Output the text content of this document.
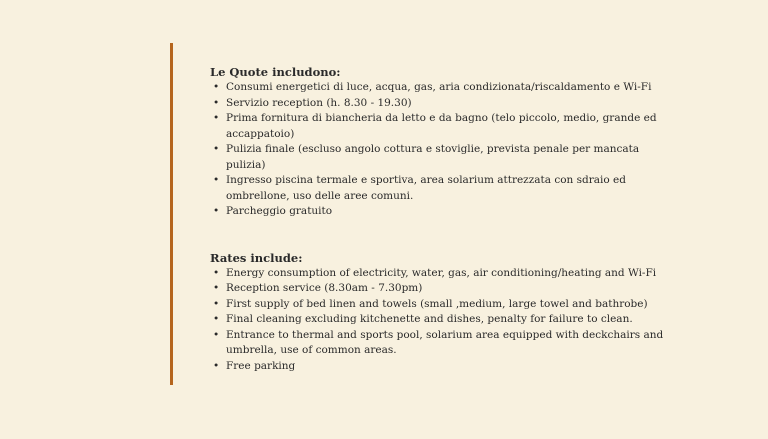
Le Quote includono:

• Consumi energetici di luce, acqua, gas, aria condizionata/riscaldamento e Wi-Fi
• Servizio reception (h. 8.30 - 19.30)
• Prima fornitura di biancheria da letto e da bagno (telo piccolo, medio, grande ed accappatoio)
• Pulizia finale (escluso angolo cottura e stoviglie, prevista penale per mancata pulizia)
• Ingresso piscina termale e sportiva, area solarium attrezzata con sdraio ed ombrellone, uso delle aree comuni.
• Parcheggio gratuito

Rates include:

• Energy consumption of electricity, water, gas, air conditioning/heating and Wi-Fi
• Reception service (8.30am - 7.30pm)
• First supply of bed linen and towels (small ,medium, large towel and bathrobe)
• Final cleaning excluding kitchenette and dishes, penalty for failure to clean.
• Entrance to thermal and sports pool, solarium area equipped with deckchairs and umbrella, use of common areas.
• Free parking
